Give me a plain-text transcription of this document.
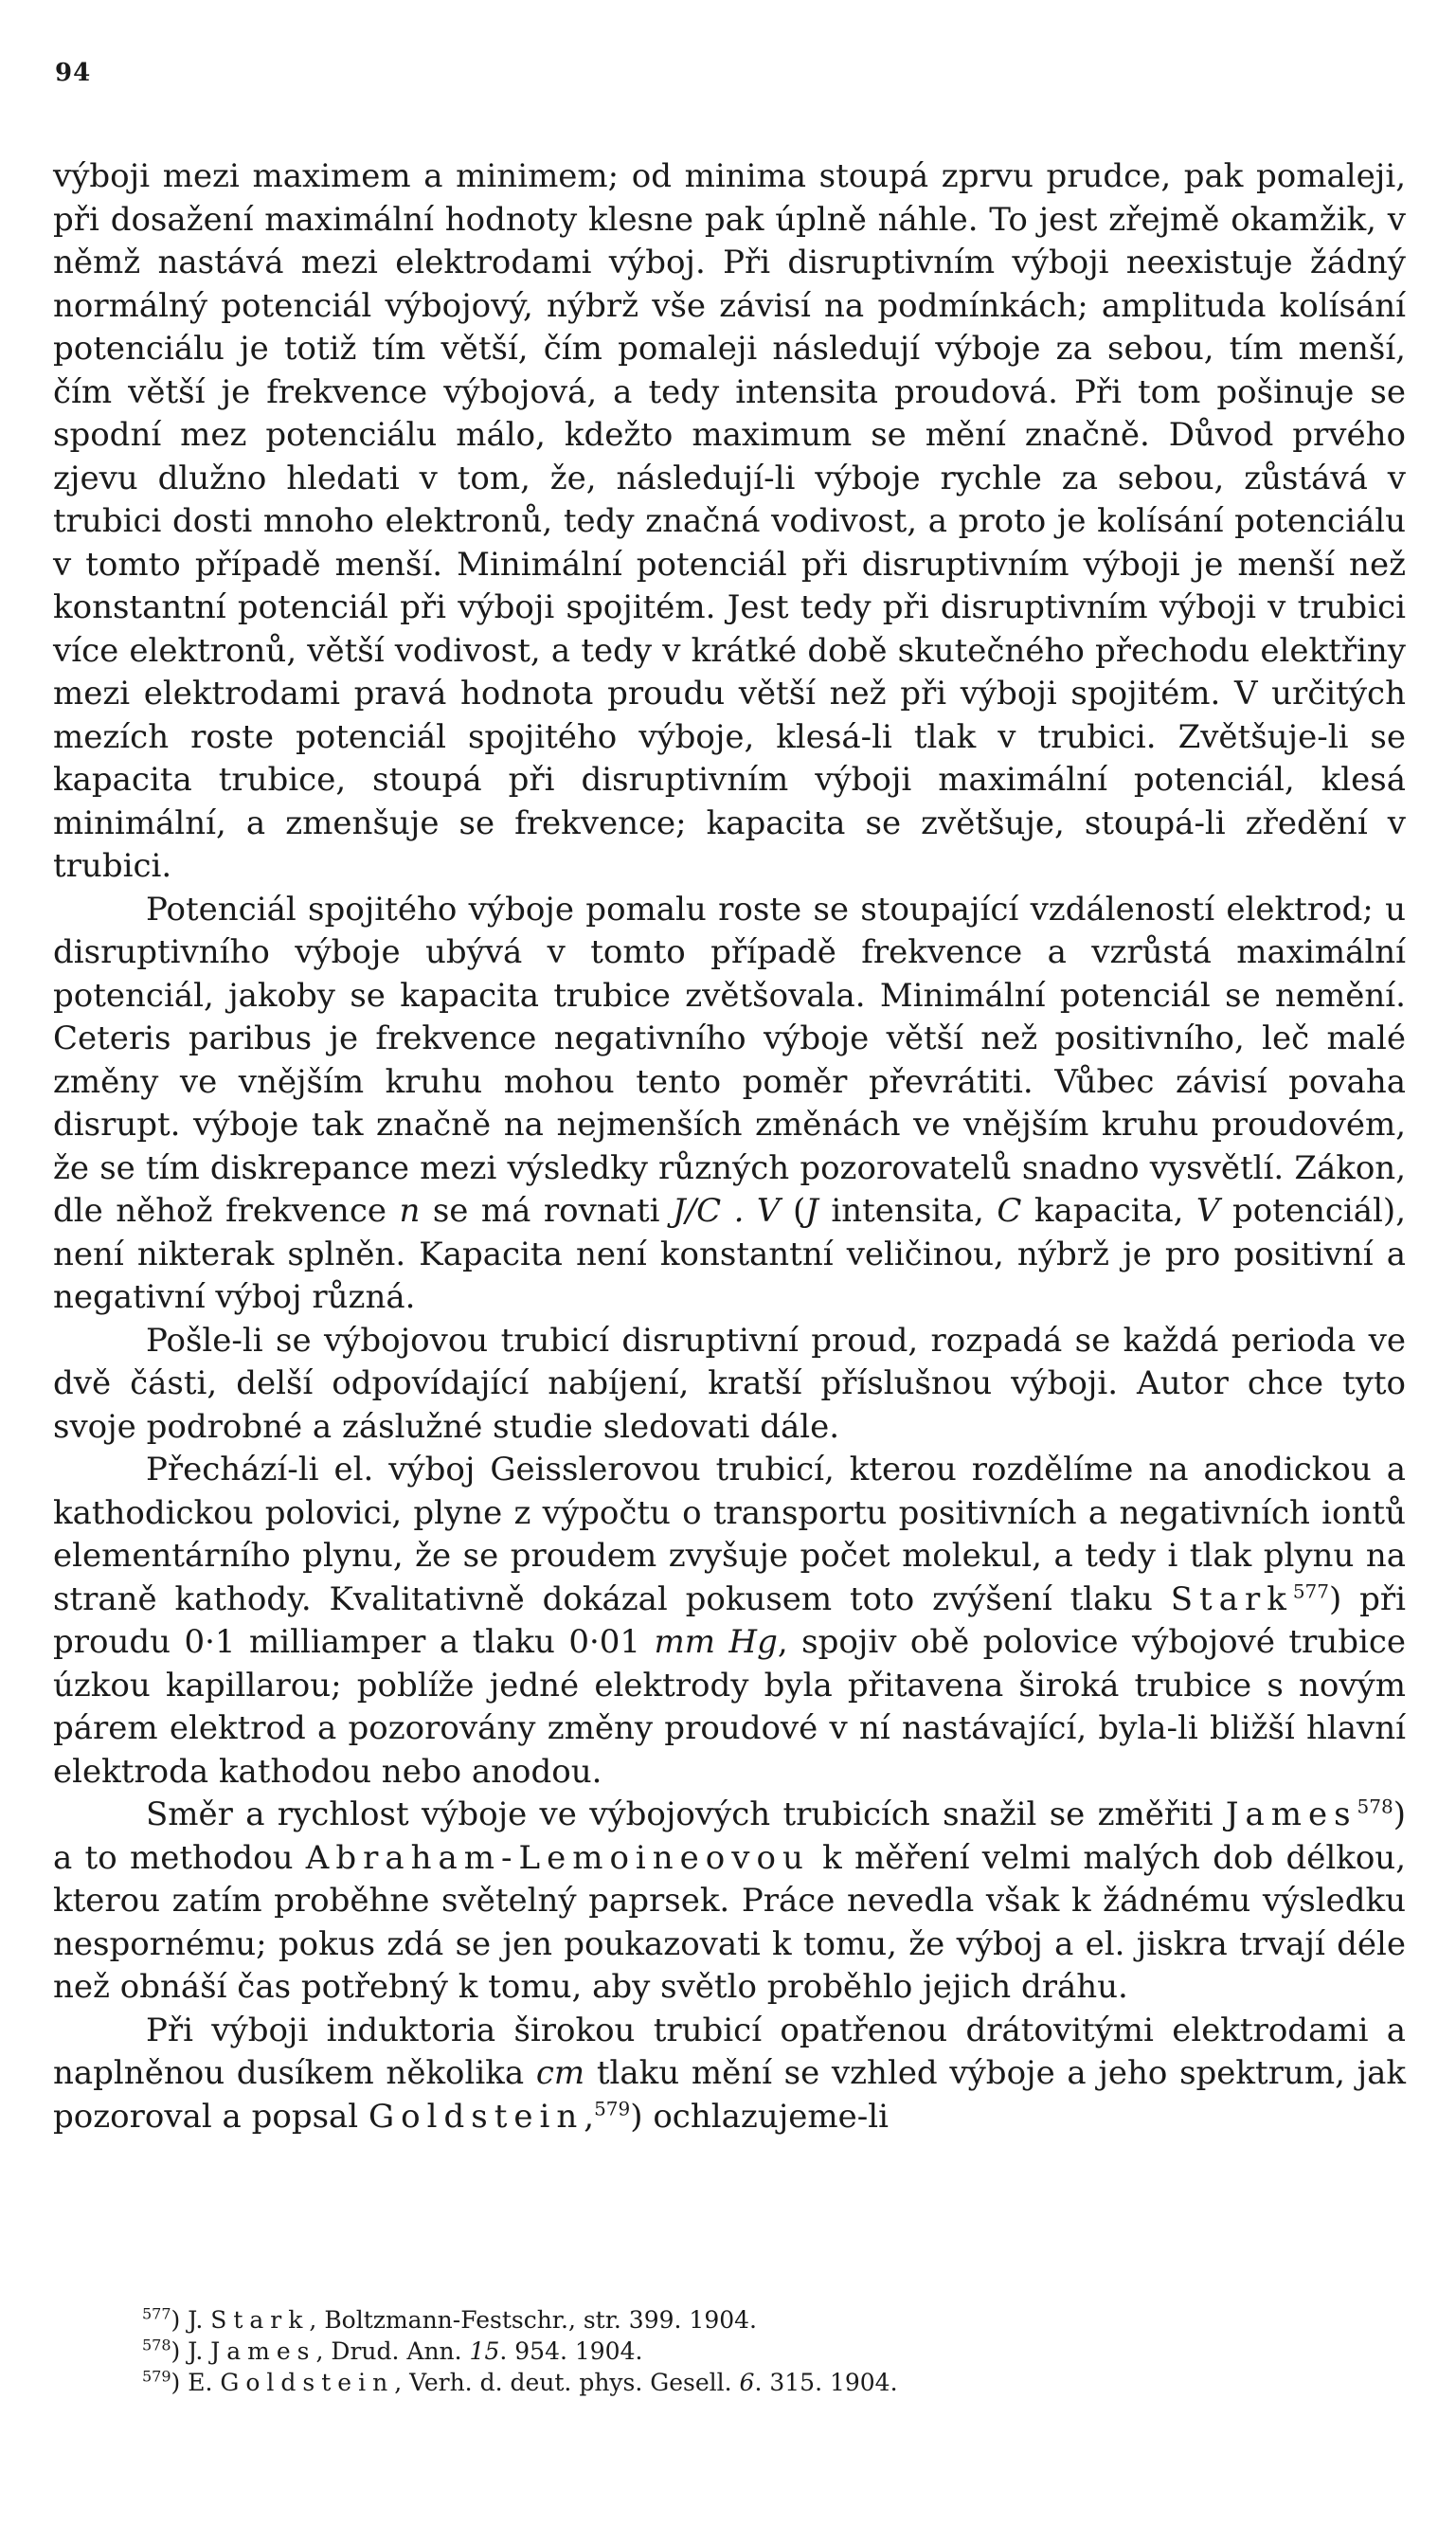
94

výboji mezi maximem a minimem; od minima stoupá zprvu prudce, pak pomaleji, při dosažení maximální hodnoty klesne pak úplně náhle. To jest zřejmě okamžik, v němž nastává mezi elektrodami výboj. Při disruptivním výboji neexistuje žádný normálný potenciál výbojový, nýbrž vše závisí na podmínkách; amplituda kolísání potenciálu je totiž tím větší, čím pomaleji následují výboje za sebou, tím menší, čím větší je frekvence výbojová, a tedy intensita proudová. Při tom pošinuje se spodní mez potenciálu málo, kdežto maximum se mění značně. Důvod prvého zjevu dlužno hledati v tom, že, následují-li výboje rychle za sebou, zůstává v trubici dosti mnoho elektronů, tedy značná vodivost, a proto je kolísání potenciálu v tomto případě menší. Minimální potenciál při disruptivním výboji je menší než konstantní potenciál při výboji spojitém. Jest tedy při disruptivním výboji v trubici více elektronů, větší vodivost, a tedy v krátké době skutečného přechodu elektřiny mezi elektrodami pravá hodnota proudu větší než při výboji spojitém. V určitých mezích roste potenciál spojitého výboje, klesá-li tlak v trubici. Zvětšuje-li se kapacita trubice, stoupá při disruptivním výboji maximální potenciál, klesá minimální, a zmenšuje se frekvence; kapacita se zvětšuje, stoupá-li zředění v trubici.

Potenciál spojitého výboje pomalu roste se stoupající vzdáleností elektrod; u disruptivního výboje ubývá v tomto případě frekvence a vzrůstá maximální potenciál, jakoby se kapacita trubice zvětšovala. Minimální potenciál se nemění. Ceteris paribus je frekvence negativního výboje větší než positivního, leč malé změny ve vnějším kruhu mohou tento poměr převrátiti. Vůbec závisí povaha disrupt. výboje tak značně na nejmenších změnách ve vnějším kruhu proudovém, že se tím diskrepance mezi výsledky různých pozorovatelů snadno vysvětlí. Zákon, dle něhož frekvence n se má rovnati J/C . V (J intensita, C kapacita, V potenciál), není nikterak splněn. Kapacita není konstantní veličinou, nýbrž je pro positivní a negativní výboj různá.

Pošle-li se výbojovou trubicí disruptivní proud, rozpadá se každá perioda ve dvě části, delší odpovídající nabíjení, kratší příslušnou výboji. Autor chce tyto svoje podrobné a záslužné studie sledovati dále.

Přechází-li el. výboj Geisslerovou trubicí, kterou rozdělíme na anodickou a kathodickou polovici, plyne z výpočtu o transportu positivních a negativních iontů elementárního plynu, že se proudem zvyšuje počet molekul, a tedy i tlak plynu na straně kathody. Kvalitativně dokázal pokusem toto zvýšení tlaku Stark$^{577}$) při proudu 0·1 milliamper a tlaku 0·01 mm Hg, spojiv obě polovice výbojové trubice úzkou kapillarou; poblíže jedné elektrody byla přitavena široká trubice s novým párem elektrod a pozorovány změny proudové v ní nastávající, byla-li bližší hlavní elektroda kathodou nebo anodou.

Směr a rychlost výboje ve výbojových trubicích snažil se změřiti James$^{578}$) a to methodou Abraham-Lemoineovou k měření velmi malých dob délkou, kterou zatím proběhne světelný paprsek. Práce nevedla však k žádnému výsledku nespornému; pokus zdá se jen poukazovati k tomu, že výboj a el. jiskra trvají déle než obnáší čas potřebný k tomu, aby světlo proběhlo jejich dráhu.

Při výboji induktoria širokou trubicí opatřenou drátovitými elektrodami a naplněnou dusíkem několika cm tlaku mění se vzhled výboje a jeho spektrum, jak pozoroval a popsal Goldstein,$^{579}$) ochlazujeme-li

$^{577}$) J. Stark, Boltzmann-Festschr., str. 399. 1904.
$^{578}$) J. James, Drud. Ann. 15. 954. 1904.
$^{579}$) E. Goldstein, Verh. d. deut. phys. Gesell. 6. 315. 1904.
